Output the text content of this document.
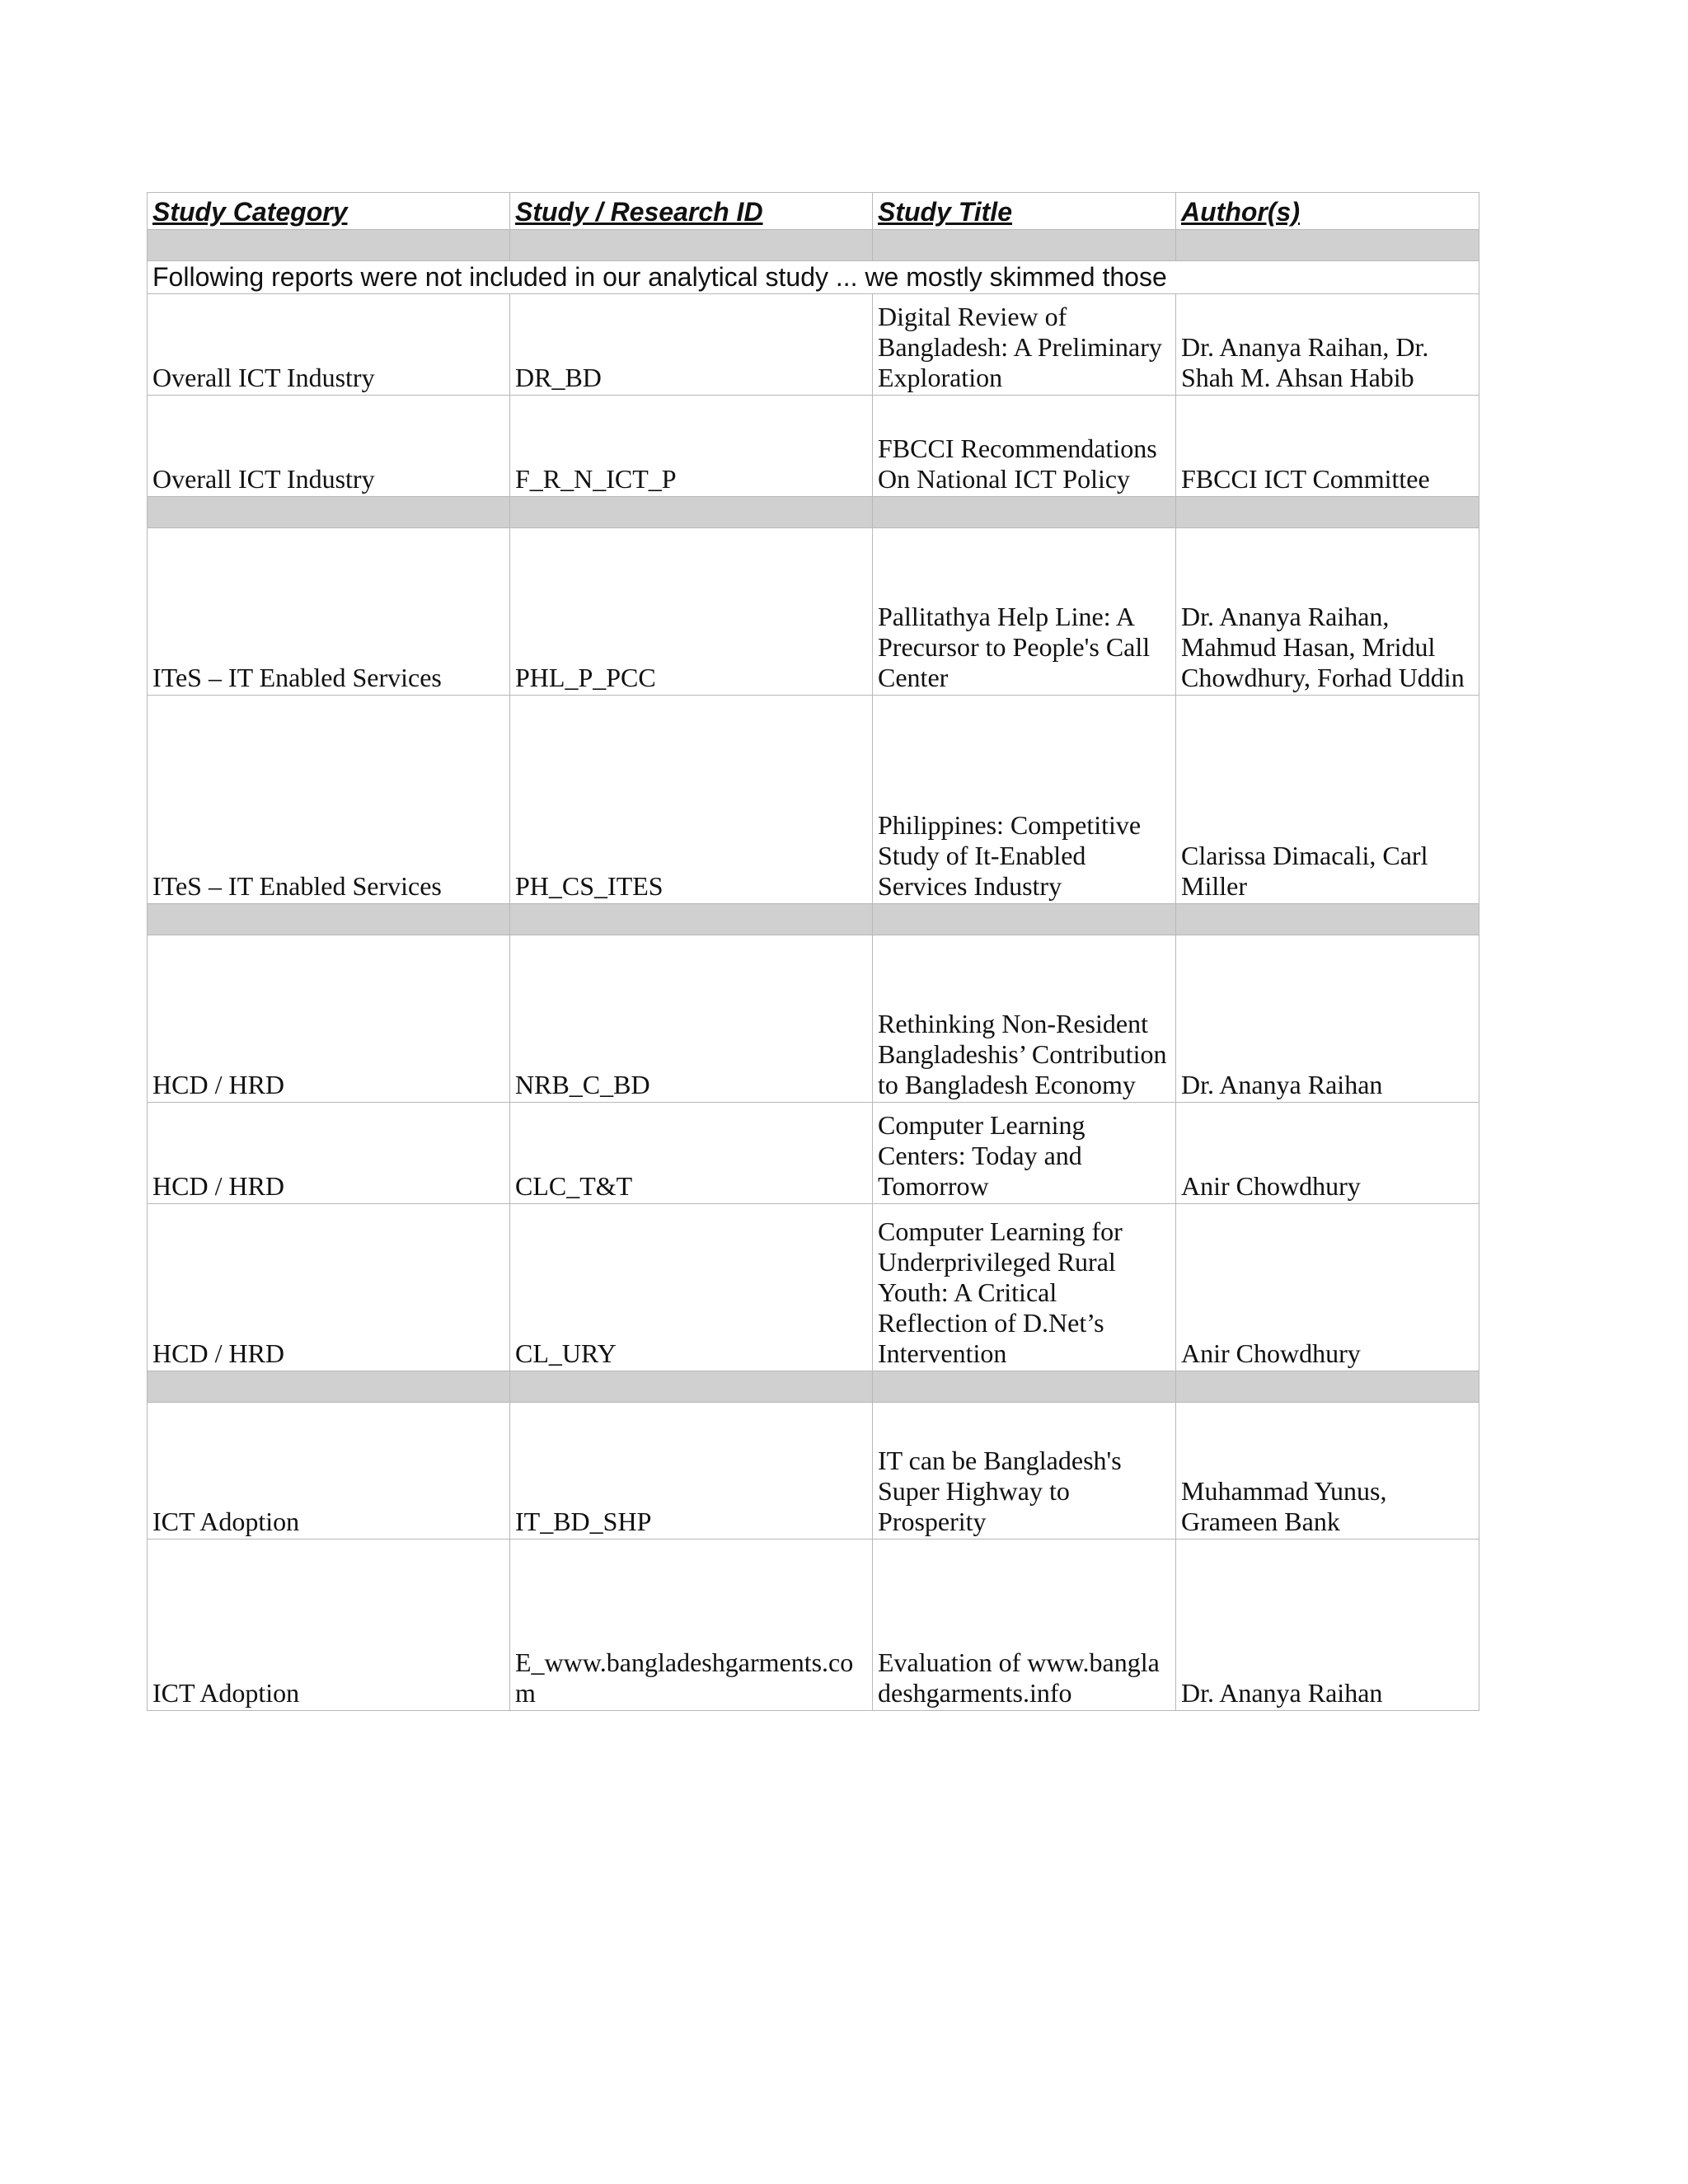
Study Category	Study / Research ID	Study Title	Author(s)

Following reports were not included in our analytical study ... we mostly skimmed those			
Overall ICT Industry	DR_BD	Digital Review of Bangladesh: A Preliminary Exploration	Dr. Ananya Raihan, Dr. Shah M. Ahsan Habib
Overall ICT Industry	F_R_N_ICT_P	FBCCI Recommendations On National ICT Policy	FBCCI ICT Committee

ITeS – IT Enabled Services	PHL_P_PCC	Pallitathya Help Line: A Precursor to People's Call Center	Dr. Ananya Raihan, Mahmud Hasan, Mridul Chowdhury, Forhad Uddin
ITeS – IT Enabled Services	PH_CS_ITES	Philippines: Competitive Study of It-Enabled Services Industry	Clarissa Dimacali, Carl Miller

HCD / HRD	NRB_C_BD	Rethinking Non-Resident Bangladeshis’ Contribution to Bangladesh Economy	Dr. Ananya Raihan
HCD / HRD	CLC_T&T	Computer Learning Centers: Today and Tomorrow	Anir Chowdhury
HCD / HRD	CL_URY	Computer Learning for Underprivileged Rural Youth: A Critical Reflection of D.Net’s Intervention	Anir Chowdhury

ICT Adoption	IT_BD_SHP	IT can be Bangladesh's Super Highway to Prosperity	Muhammad Yunus, Grameen Bank
ICT Adoption	E_www.bangladeshgarments.com	Evaluation of www.bangladeshgarments.info	Dr. Ananya Raihan
